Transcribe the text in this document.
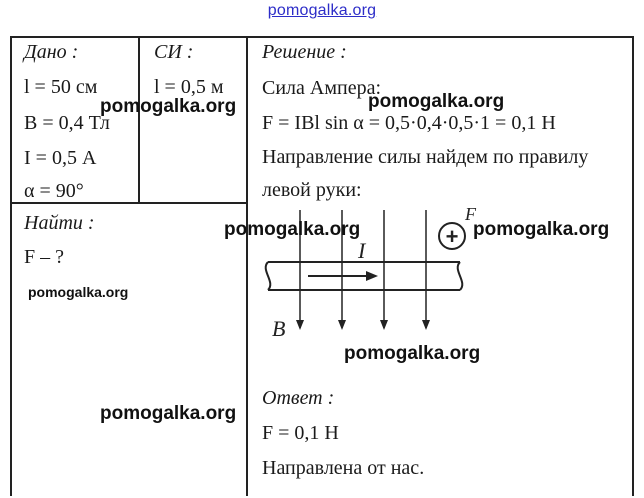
pomogalka.org
Дано :
l = 50 см
B = 0,4 Тл
I = 0,5 А
α = 90°
СИ :
l = 0,5 м
Найти :
F – ?
Решение :
Сила Ампера:
F = IBl sin α = 0,5·0,4·0,5·1 = 0,1 Н
Направление силы найдем по правилу
левой руки:
I
B⃗
+
F
Ответ :
F = 0,1 Н
Направлена от нас.
pomogalka.org	pomogalka.org
pomogalka.org	pomogalka.org
pomogalka.org
pomogalka.org
pomogalka.org
